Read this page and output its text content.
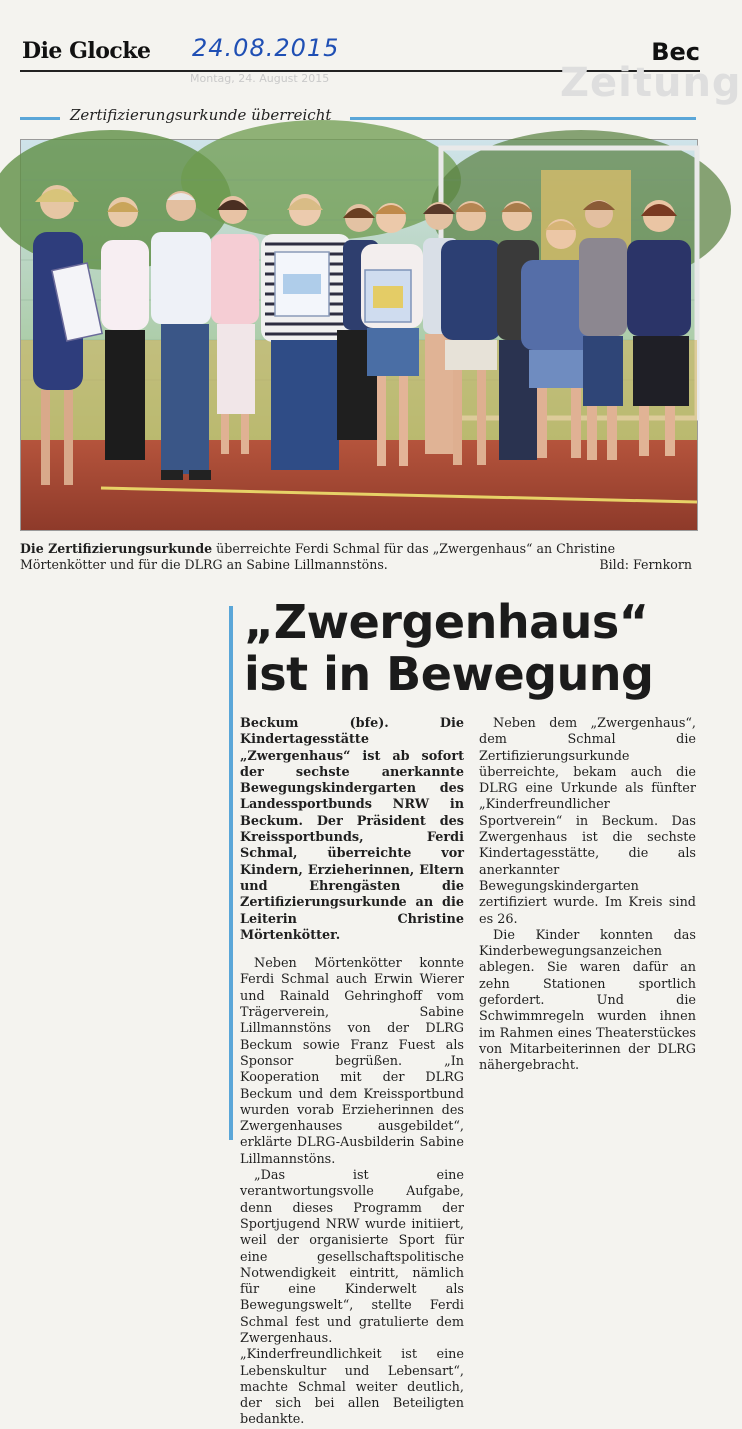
Die Glocke 24.08.2015	Bec
Montag, 24. August 2015	Zeitung
Zertifizierungsurkunde überreicht
Die Zertifizierungsurkunde überreichte Ferdi Schmal für das „Zwergenhaus“ an Christine Mörtenkötter und für die DLRG an Sabine Lillmannstöns.	Bild: Fernkorn
„Zwergenhaus“
ist in Bewegung

Beckum (bfe). Die Kindertagesstätte „Zwergenhaus“ ist ab sofort der sechste anerkannte Bewegungskindergarten des Landessportbunds NRW in Beckum. Der Präsident des Kreissportbunds, Ferdi Schmal, überreichte vor Kindern, Erzieherinnen, Eltern und Ehrengästen die Zertifizierungsurkunde an die Leiterin Christine Mörtenkötter.

Neben Mörtenkötter konnte Ferdi Schmal auch Erwin Wierer und Rainald Gehringhoff vom Trägerverein, Sabine Lillmannstöns von der DLRG Beckum sowie Franz Fuest als Sponsor begrüßen. „In Kooperation mit der DLRG Beckum und dem Kreissportbund wurden vorab Erzieherinnen des Zwergenhauses ausgebildet“, erklärte DLRG-Ausbilderin Sabine Lillmannstöns.

„Das ist eine verantwortungsvolle Aufgabe, denn dieses Programm der Sportjugend NRW wurde initiiert, weil der organisierte Sport für eine gesellschaftspolitische Notwendigkeit eintritt, nämlich für eine Kinderwelt als Bewegungswelt“, stellte Ferdi Schmal fest und gratulierte dem Zwergenhaus. „Kinderfreundlichkeit ist eine Lebenskultur und Lebensart“, machte Schmal weiter deutlich, der sich bei allen Beteiligten bedankte.

Neben dem „Zwergenhaus“, dem Schmal die Zertifizierungsurkunde überreichte, bekam auch die DLRG eine Urkunde als fünfter „Kinderfreundlicher Sportverein“ in Beckum. Das Zwergenhaus ist die sechste Kindertagesstätte, die als anerkannter Bewegungskindergarten zertifiziert wurde. Im Kreis sind es 26.

Die Kinder konnten das Kinderbewegungsanzeichen ablegen. Sie waren dafür an zehn Stationen sportlich gefordert. Und die Schwimmregeln wurden ihnen im Rahmen eines Theaterstückes von Mitarbeiterinnen der DLRG nähergebracht.
